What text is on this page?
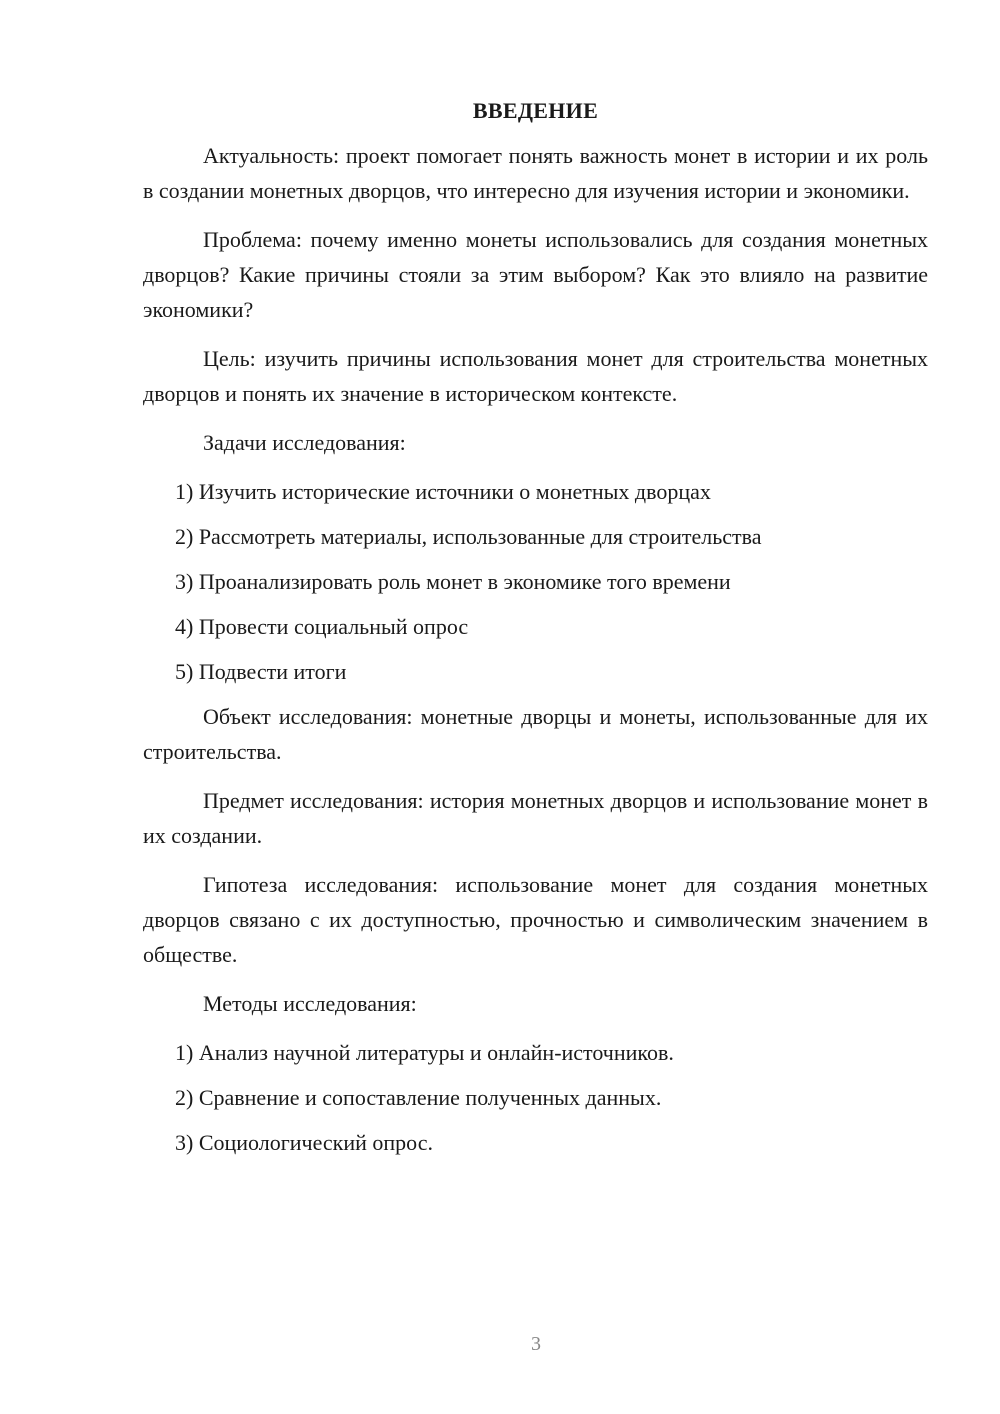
ВВЕДЕНИЕ

Актуальность: проект помогает понять важность монет в истории и их роль в создании монетных дворцов, что интересно для изучения истории и экономики.

Проблема: почему именно монеты использовались для создания монетных дворцов? Какие причины стояли за этим выбором? Как это влияло на развитие экономики?

Цель: изучить причины использования монет для строительства монетных дворцов и понять их значение в историческом контексте.

Задачи исследования:

1) Изучить исторические источники о монетных дворцах
2) Рассмотреть материалы, использованные для строительства
3) Проанализировать роль монет в экономике того времени
4) Провести социальный опрос
5) Подвести итоги

Объект исследования: монетные дворцы и монеты, использованные для их строительства.

Предмет исследования: история монетных дворцов и использование монет в их создании.

Гипотеза исследования: использование монет для создания монетных дворцов связано с их доступностью, прочностью и символическим значением в обществе.

Методы исследования:

1) Анализ научной литературы и онлайн-источников.
2) Сравнение и сопоставление полученных данных.
3) Социологический опрос.
3
